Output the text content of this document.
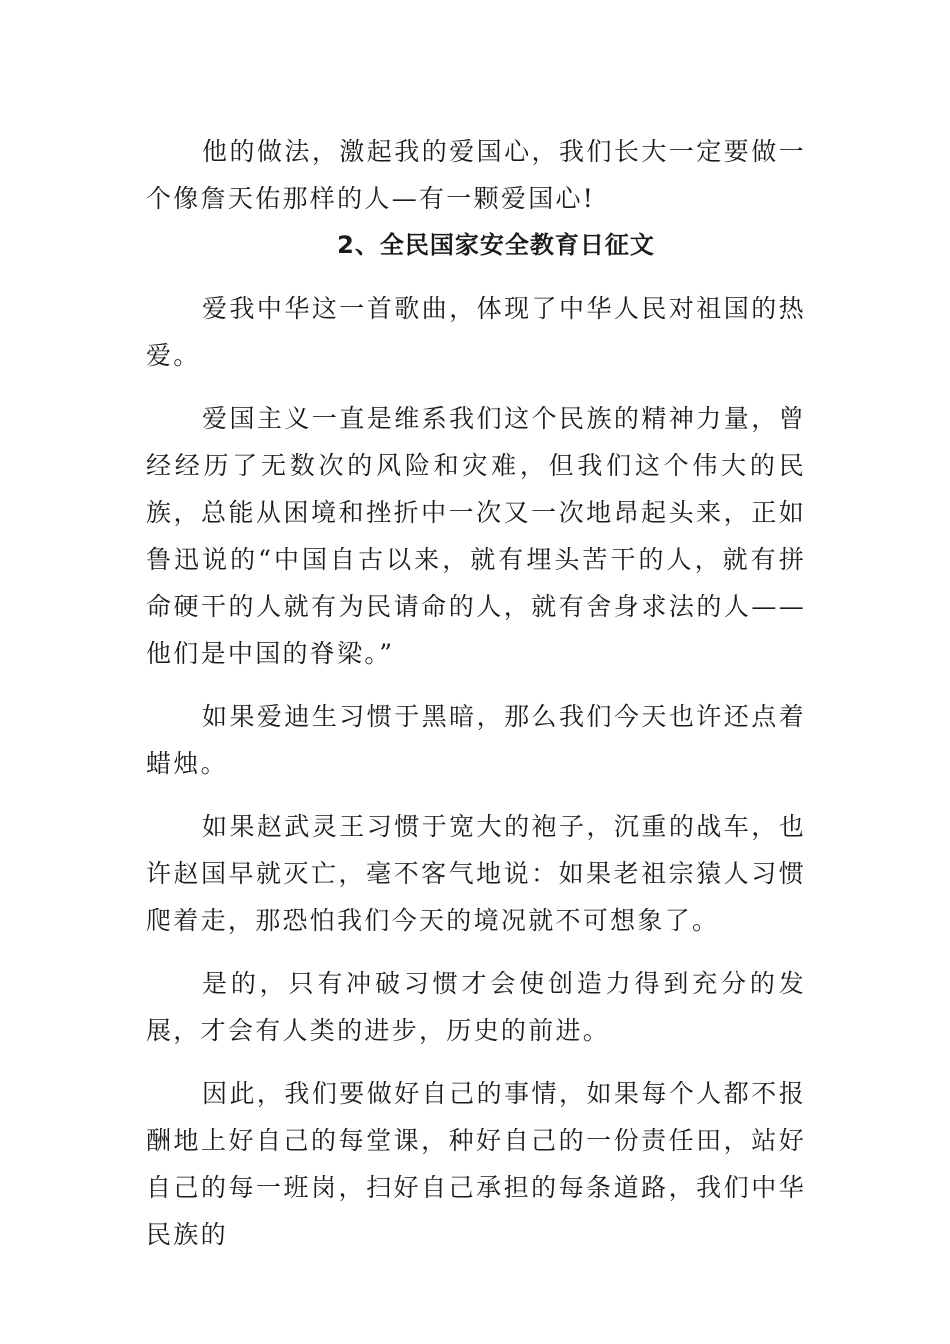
他的做法，激起我的爱国心，我们长大一定要做一个像詹天佑那样的人—有一颗爱国心!

2、全民国家安全教育日征文

爱我中华这一首歌曲，体现了中华人民对祖国的热爱。

爱国主义一直是维系我们这个民族的精神力量，曾经经历了无数次的风险和灾难，但我们这个伟大的民族，总能从困境和挫折中一次又一次地昂起头来，正如鲁迅说的“中国自古以来，就有埋头苦干的人，就有拼命硬干的人就有为民请命的人，就有舍身求法的人——他们是中国的脊梁。”

如果爱迪生习惯于黑暗，那么我们今天也许还点着蜡烛。

如果赵武灵王习惯于宽大的袍子，沉重的战车，也许赵国早就灭亡，毫不客气地说：如果老祖宗猿人习惯爬着走，那恐怕我们今天的境况就不可想象了。

是的，只有冲破习惯才会使创造力得到充分的发展，才会有人类的进步，历史的前进。

因此，我们要做好自己的事情，如果每个人都不报酬地上好自己的每堂课，种好自己的一份责任田，站好自己的每一班岗，扫好自己承担的每条道路，我们中华民族的
